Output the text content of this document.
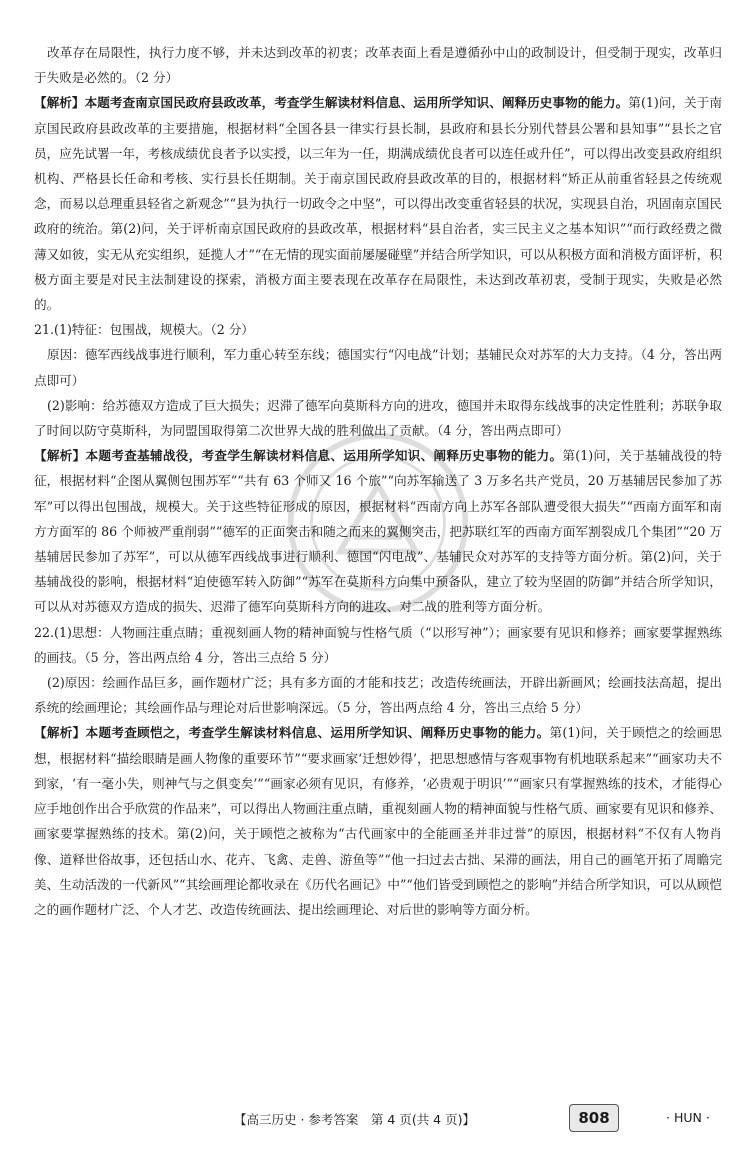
改革存在局限性，执行力度不够，并未达到改革的初衷；改革表面上看是遵循孙中山的政制设计，但受制于现实，改革归于失败是必然的。（2 分）

【解析】本题考查南京国民政府县政改革，考查学生解读材料信息、运用所学知识、阐释历史事物的能力。第(1)问，关于南京国民政府县政改革的主要措施，根据材料“全国各县一律实行县长制，县政府和县长分别代替县公署和县知事”“县长之官员，应先试署一年，考核成绩优良者予以实授，以三年为一任，期满成绩优良者可以连任或升任”，可以得出改变县政府组织机构、严格县长任命和考核、实行县长任期制。关于南京国民政府县政改革的目的，根据材料“矫正从前重省轻县之传统观念，而易以总理重县轻省之新观念”“县为执行一切政令之中坚”，可以得出改变重省轻县的状况，实现县自治，巩固南京国民政府的统治。第(2)问，关于评析南京国民政府的县政改革，根据材料“县自治者，实三民主义之基本知识”“而行政经费之微薄又如彼，实无从充实组织，延揽人才”“在无情的现实面前屡屡碰壁”并结合所学知识，可以从积极方面和消极方面评析，积极方面主要是对民主法制建设的探索，消极方面主要表现在改革存在局限性，未达到改革初衷，受制于现实，失败是必然的。

21.(1)特征：包围战，规模大。（2 分）

原因：德军西线战事进行顺利，军力重心转至东线；德国实行“闪电战”计划；基辅民众对苏军的大力支持。（4 分，答出两点即可）

(2)影响：给苏德双方造成了巨大损失；迟滞了德军向莫斯科方向的进攻，德国并未取得东线战事的决定性胜利；苏联争取了时间以防守莫斯科，为同盟国取得第二次世界大战的胜利做出了贡献。（4 分，答出两点即可）

【解析】本题考查基辅战役，考查学生解读材料信息、运用所学知识、阐释历史事物的能力。第(1)问，关于基辅战役的特征，根据材料“企图从翼侧包围苏军”“共有 63 个师又 16 个旅”“向苏军输送了 3 万多名共产党员，20 万基辅居民参加了苏军”可以得出包围战，规模大。关于这些特征形成的原因，根据材料“西南方向上苏军各部队遭受很大损失”“西南方面军和南方方面军的 86 个师被严重削弱”“德军的正面突击和随之而来的翼侧突击，把苏联红军的西南方面军割裂成几个集团”“20 万基辅居民参加了苏军”，可以从德军西线战事进行顺利、德国“闪电战”、基辅民众对苏军的支持等方面分析。第(2)问，关于基辅战役的影响，根据材料“迫使德军转入防御”“苏军在莫斯科方向集中预备队，建立了较为坚固的防御”并结合所学知识，可以从对苏德双方造成的损失、迟滞了德军向莫斯科方向的进攻、对二战的胜利等方面分析。

22.(1)思想：人物画注重点睛；重视刻画人物的精神面貌与性格气质（“以形写神”）；画家要有见识和修养；画家要掌握熟练的画技。（5 分，答出两点给 4 分，答出三点给 5 分）

(2)原因：绘画作品巨多，画作题材广泛；具有多方面的才能和技艺；改造传统画法，开辟出新画风；绘画技法高超，提出系统的绘画理论；其绘画作品与理论对后世影响深远。（5 分，答出两点给 4 分，答出三点给 5 分）

【解析】本题考查顾恺之，考查学生解读材料信息、运用所学知识、阐释历史事物的能力。第(1)问，关于顾恺之的绘画思想，根据材料“描绘眼睛是画人物像的重要环节”“要求画家‘迁想妙得’，把思想感情与客观事物有机地联系起来”“画家功夫不到家，‘有一毫小失，则神气与之俱变矣’”“画家必须有见识，有修养，‘必贵观于明识’”“画家只有掌握熟练的技术，才能得心应手地创作出合乎欣赏的作品来”，可以得出人物画注重点睛，重视刻画人物的精神面貌与性格气质、画家要有见识和修养、画家要掌握熟练的技术。第(2)问，关于顾恺之被称为“古代画家中的全能画圣并非过誉”的原因，根据材料“不仅有人物肖像、道释世俗故事，还包括山水、花卉、飞禽、走兽、游鱼等”“他一扫过去古拙、呆滞的画法，用自己的画笔开拓了周瞻完美、生动活泼的一代新风”“其绘画理论都收录在《历代名画记》中”“他们皆受到顾恺之的影响”并结合所学知识，可以从顾恺之的画作题材广泛、个人才艺、改造传统画法、提出绘画理论、对后世的影响等方面分析。

【高三历史 · 参考答案　第 4 页(共 4 页)】	808	· HUN ·
